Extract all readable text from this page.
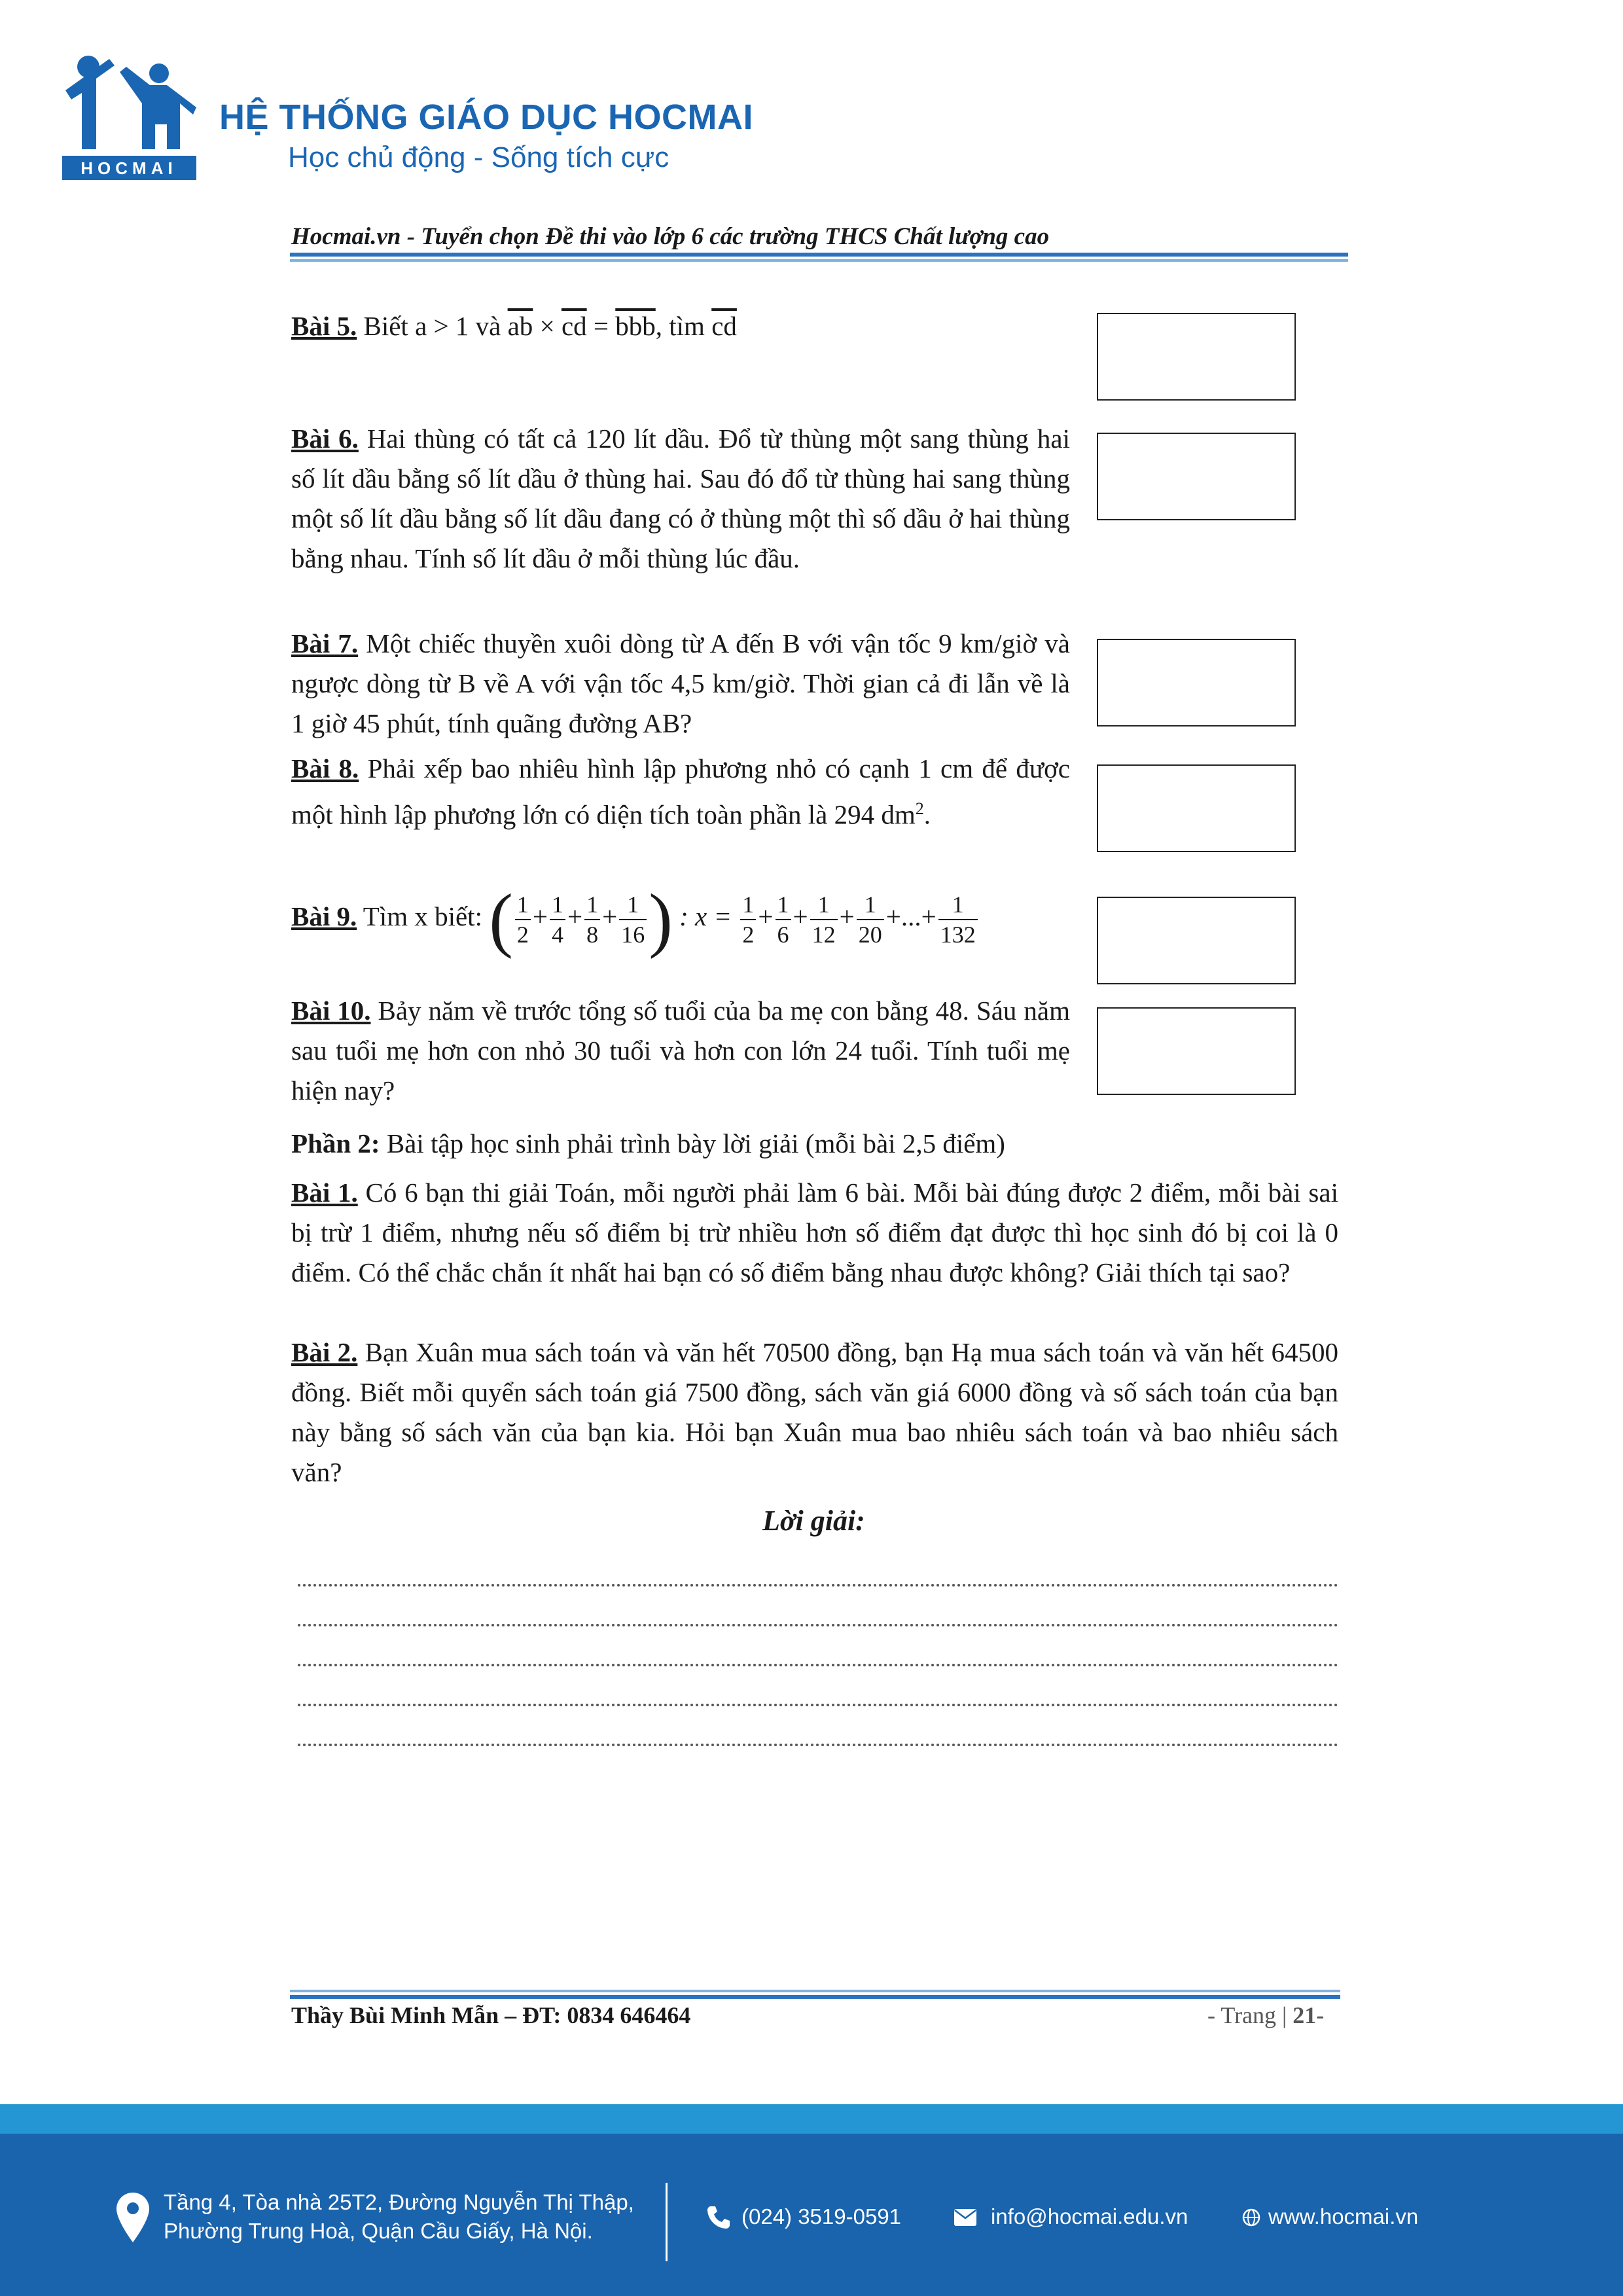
HOCMAI
HỆ THỐNG GIÁO DỤC HOCMAI
Học chủ động - Sống tích cực
Hocmai.vn - Tuyển chọn Đề thi vào lớp 6 các trường THCS Chất lượng cao
Bài 5. Biết a > 1 và $\overline{ab} \times \overline{cd} = \overline{bbb}$, tìm $\overline{cd}$
Bài 6. Hai thùng có tất cả 120 lít dầu. Đổ từ thùng một sang thùng hai số lít dầu bằng số lít dầu ở thùng hai. Sau đó đổ từ thùng hai sang thùng một số lít dầu bằng số lít dầu đang có ở thùng một thì số dầu ở hai thùng bằng nhau. Tính số lít dầu ở mỗi thùng lúc đầu.
Bài 7. Một chiếc thuyền xuôi dòng từ A đến B với vận tốc 9 km/giờ và ngược dòng từ B về A với vận tốc 4,5 km/giờ. Thời gian cả đi lẫn về là 1 giờ 45 phút, tính quãng đường AB?
Bài 8. Phải xếp bao nhiêu hình lập phương nhỏ có cạnh 1 cm để được một hình lập phương lớn có diện tích toàn phần là 294 $dm^2$.
Bài 9. Tìm x biết: ( $\frac{1}{2} + \frac{1}{4} + \frac{1}{8} + \frac{1}{16}$ ) : $x = \frac{1}{2} + \frac{1}{6} + \frac{1}{12} + \frac{1}{20}$ +...+ $\frac{1}{132}$
Bài 10. Bảy năm về trước tổng số tuổi của ba mẹ con bằng 48. Sáu năm sau tuổi mẹ hơn con nhỏ 30 tuổi và hơn con lớn 24 tuổi. Tính tuổi mẹ hiện nay?
Phần 2: Bài tập học sinh phải trình bày lời giải (mỗi bài 2,5 điểm)
Bài 1. Có 6 bạn thi giải Toán, mỗi người phải làm 6 bài. Mỗi bài đúng được 2 điểm, mỗi bài sai bị trừ 1 điểm, nhưng nếu số điểm bị trừ nhiều hơn số điểm đạt được thì học sinh đó bị coi là 0 điểm. Có thể chắc chắn ít nhất hai bạn có số điểm bằng nhau được không? Giải thích tại sao?
Bài 2. Bạn Xuân mua sách toán và văn hết 70500 đồng, bạn Hạ mua sách toán và văn hết 64500 đồng. Biết mỗi quyển sách toán giá 7500 đồng, sách văn giá 6000 đồng và số sách toán của bạn này bằng số sách văn của bạn kia. Hỏi bạn Xuân mua bao nhiêu sách toán và bao nhiêu sách văn?
Lời giải:
Thầy Bùi Minh Mẫn – ĐT: 0834 646464	- Trang | 21-
Tầng 4, Tòa nhà 25T2, Đường Nguyễn Thị Thập,
Phường Trung Hoà, Quận Cầu Giấy, Hà Nội.
(024) 3519-0591	info@hocmai.edu.vn	www.hocmai.vn
